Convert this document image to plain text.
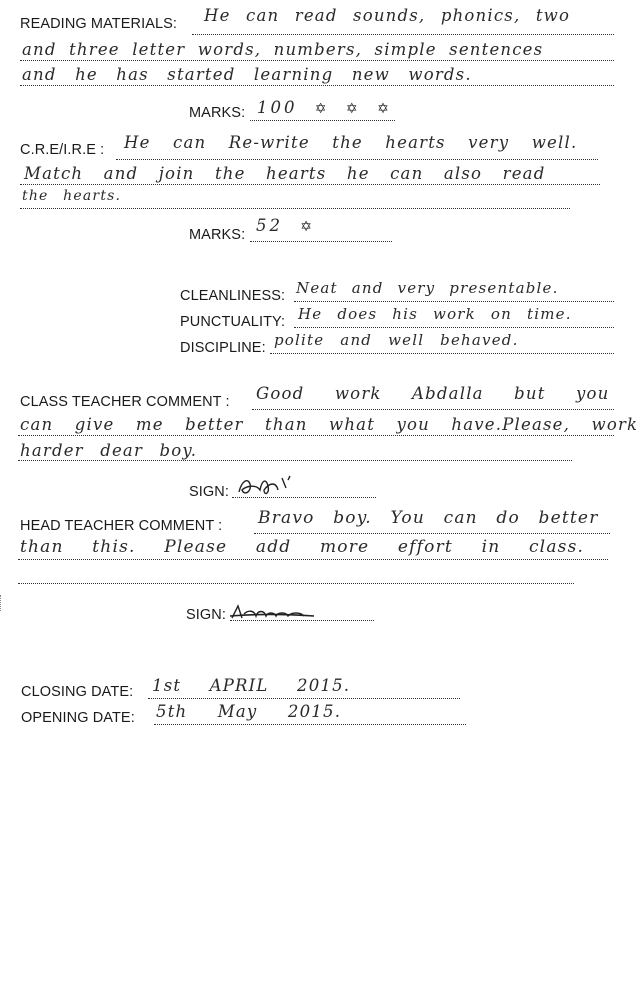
READING MATERIALS: He can read sounds, phonics, two
and three letter words, numbers, simple sentences
and he has started learning new words.
MARKS: 100 ✡ ✡ ✡
C.R.E/I.R.E : He can Re-write the hearts very well.
Match and join the hearts he can also read
the hearts.
MARKS: 52 ✡
CLEANLINESS: Neat and very presentable.
PUNCTUALITY: He does his work on time.
DISCIPLINE: polite and well behaved.
CLASS TEACHER COMMENT : Good work Abdalla but you
can give me better than what you have.Please, work
harder dear boy.
SIGN:
HEAD TEACHER COMMENT : Bravo boy. You can do better
than this. Please add more effort in class.
SIGN:
CLOSING DATE: 1st APRIL 2015.
OPENING DATE: 5th May 2015.
